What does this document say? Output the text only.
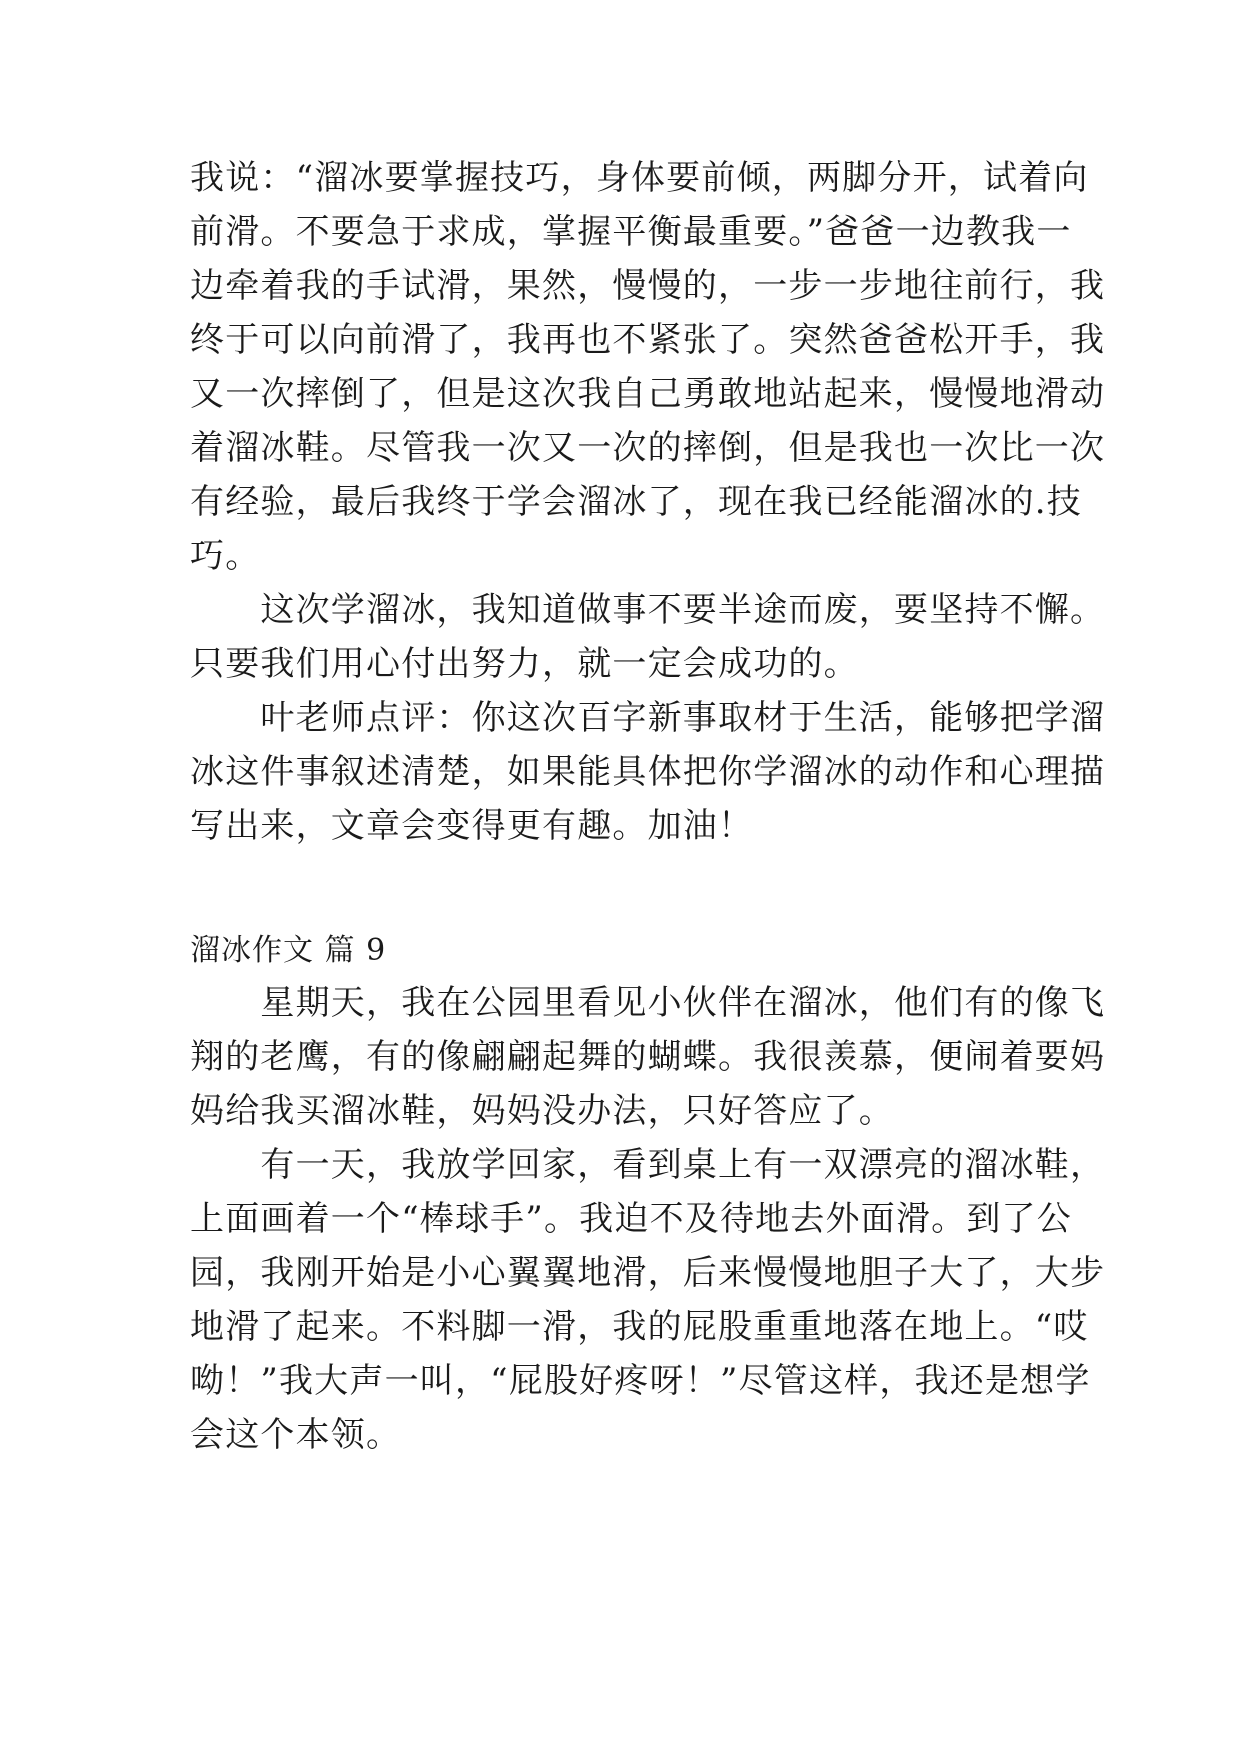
我说：“溜冰要掌握技巧，身体要前倾，两脚分开，试着向
前滑。不要急于求成，掌握平衡最重要。”爸爸一边教我一
边牵着我的手试滑，果然，慢慢的，一步一步地往前行，我
终于可以向前滑了，我再也不紧张了。突然爸爸松开手，我
又一次摔倒了，但是这次我自己勇敢地站起来，慢慢地滑动
着溜冰鞋。尽管我一次又一次的摔倒，但是我也一次比一次
有经验，最后我终于学会溜冰了，现在我已经能溜冰的.技
巧。
　　这次学溜冰，我知道做事不要半途而废，要坚持不懈。
只要我们用心付出努力，就一定会成功的。
　　叶老师点评：你这次百字新事取材于生活，能够把学溜
冰这件事叙述清楚，如果能具体把你学溜冰的动作和心理描
写出来，文章会变得更有趣。加油！
溜冰作文 篇 9
　　星期天，我在公园里看见小伙伴在溜冰，他们有的像飞
翔的老鹰，有的像翩翩起舞的蝴蝶。我很羡慕，便闹着要妈
妈给我买溜冰鞋，妈妈没办法，只好答应了。
　　有一天，我放学回家，看到桌上有一双漂亮的溜冰鞋，
上面画着一个“棒球手”。我迫不及待地去外面滑。到了公
园，我刚开始是小心翼翼地滑，后来慢慢地胆子大了，大步
地滑了起来。不料脚一滑，我的屁股重重地落在地上。“哎
呦！”我大声一叫，“屁股好疼呀！”尽管这样，我还是想学
会这个本领。
